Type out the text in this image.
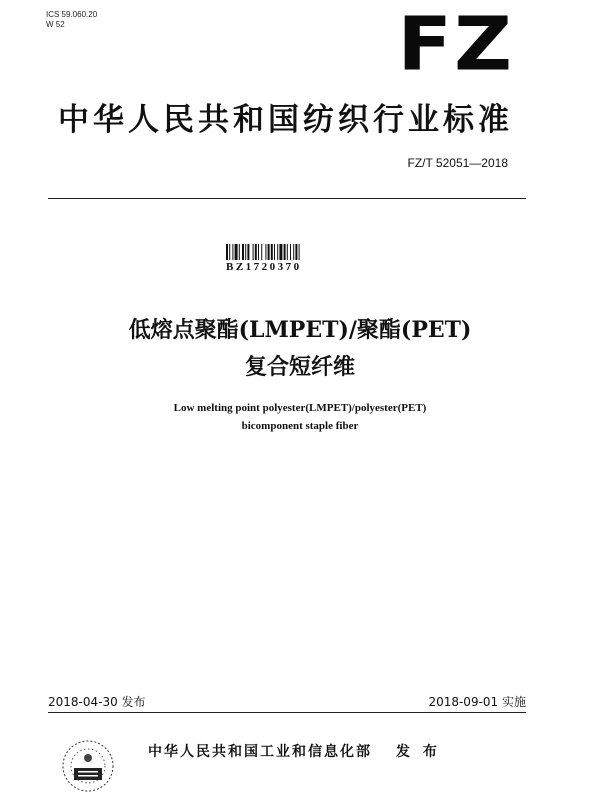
ICS 59.060.20
W 52	FZ
中华人民共和国纺织行业标准
FZ/T 52051—2018
BZ1720370
低熔点聚酯(LMPET)/聚酯(PET)
复合短纤维
Low melting point polyester(LMPET)/polyester(PET)
bicomponent staple fiber
2018-04-30 发布	2018-09-01 实施
中华人民共和国工业和信息化部 发 布
